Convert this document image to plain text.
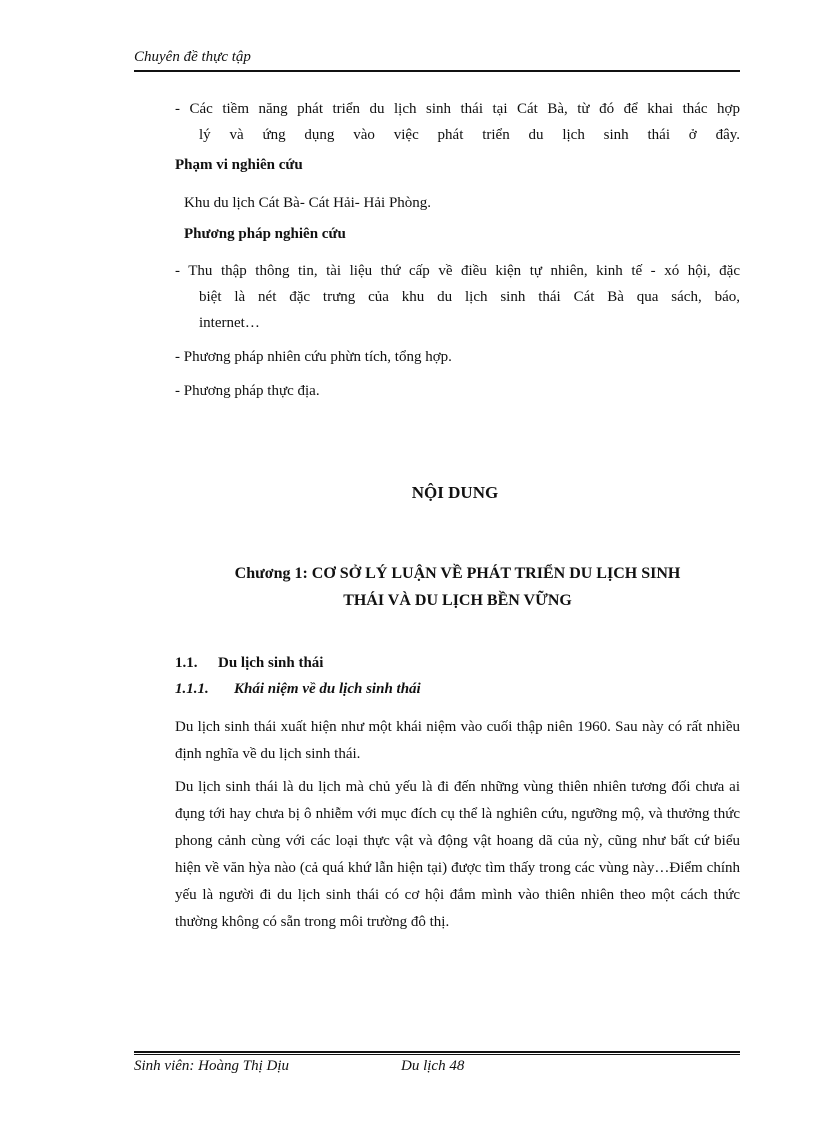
Chuyên đề thực tập
- Các tiềm năng phát triển du lịch sinh thái tại Cát Bà, từ đó để khai thác hợp
lý và ứng dụng vào việc phát triển du lịch sinh thái ở đây.
Phạm vi nghiên cứu
Khu du lịch Cát Bà- Cát Hải- Hải Phòng.
Phương pháp nghiên cứu
- Thu thập thông tin, tài liệu thứ cấp về điều kiện tự nhiên, kinh tế - xó hội, đặc
biệt là nét đặc trưng của khu du lịch sinh thái Cát Bà qua sách, báo,
internet…
- Phương pháp nhiên cứu phừn tích, tổng hợp.
- Phương pháp thực địa.
NỘI DUNG
Chương 1: CƠ SỞ LÝ LUẬN VỀ PHÁT TRIỂN DU LỊCH SINH
THÁI VÀ DU LỊCH BỀN VỮNG
1.1. Du lịch sinh thái
1.1.1. Khái niệm về du lịch sinh thái
Du lịch sinh thái xuất hiện như một khái niệm vào cuối thập niên 1960. Sau này có rất nhiều định nghĩa về du lịch sinh thái.
Du lịch sinh thái là du lịch mà chủ yếu là đi đến những vùng thiên nhiên tương đối chưa ai đụng tới hay chưa bị ô nhiễm với mục đích cụ thể là nghiên cứu, ngưỡng mộ, và thưởng thức phong cảnh cùng với các loại thực vật và động vật hoang dã của nỳ, cũng như bất cứ biểu hiện về văn hỳa nào (cả quá khứ lẫn hiện tại) được tìm thấy trong các vùng này…Điểm chính yếu là người đi du lịch sinh thái có cơ hội đắm mình vào thiên nhiên theo một cách thức thường không có sẵn trong môi trường đô thị.
Sinh viên: Hoàng Thị Dịu	Du lịch 48
